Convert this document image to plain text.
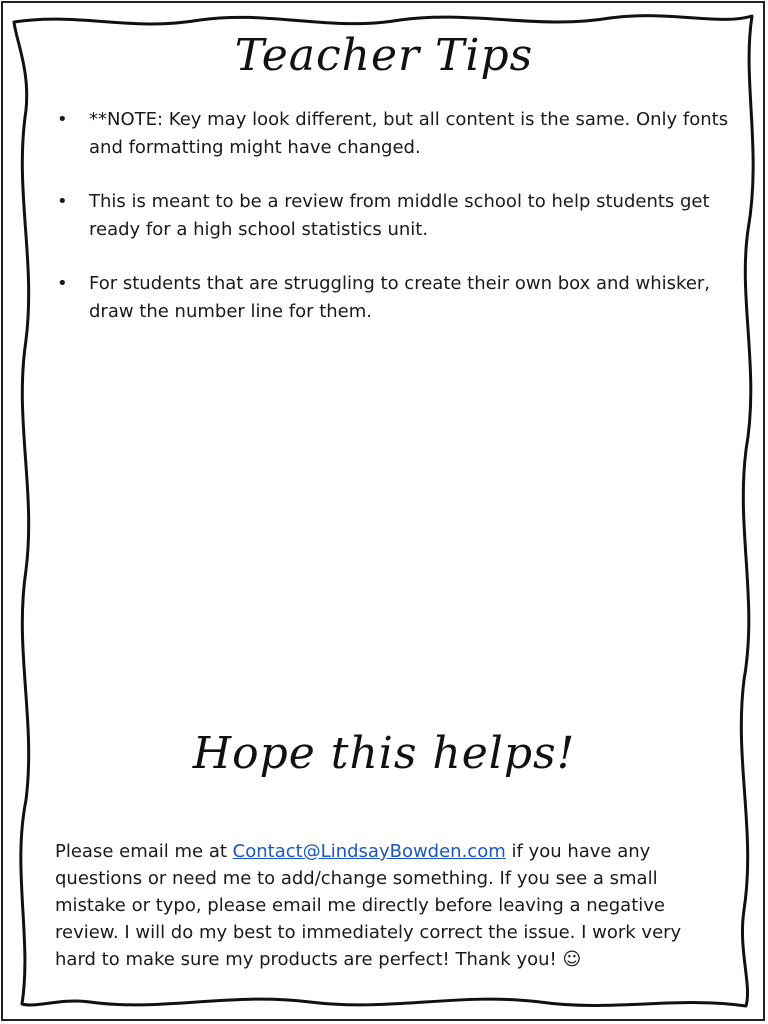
Teacher Tips
• **NOTE: Key may look different, but all content is the same. Only fonts and formatting might have changed.
• This is meant to be a review from middle school to help students get ready for a high school statistics unit.
• For students that are struggling to create their own box and whisker, draw the number line for them.
Hope this helps!

Please email me at Contact@LindsayBowden.com if you have any questions or need me to add/change something. If you see a small mistake or typo, please email me directly before leaving a negative review. I will do my best to immediately correct the issue. I work very hard to make sure my products are perfect! Thank you! ☺
